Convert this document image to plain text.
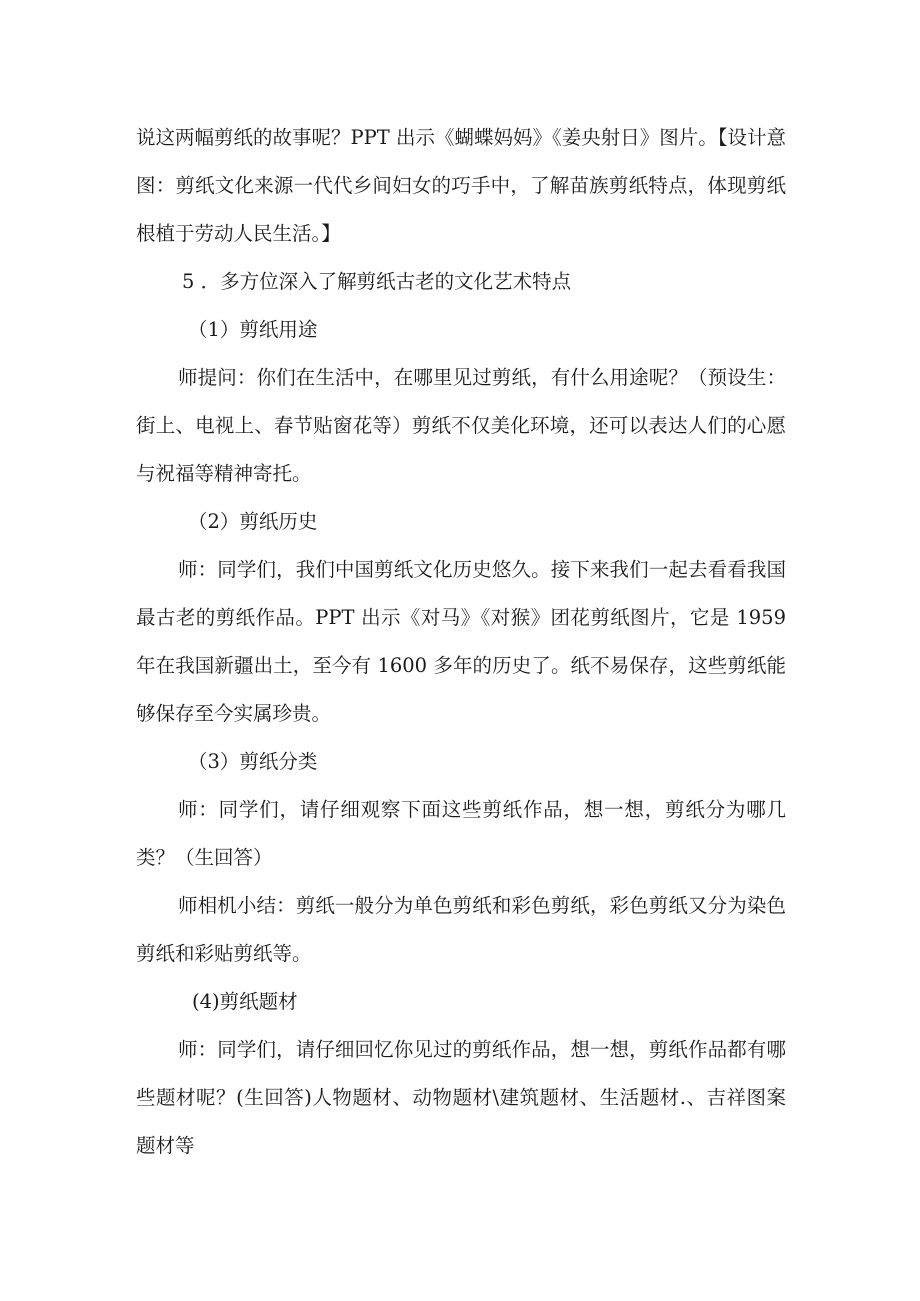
说这两幅剪纸的故事呢？PPT 出示《蝴蝶妈妈》《姜央射日》图片。【设计意图：剪纸文化来源一代代乡间妇女的巧手中，了解苗族剪纸特点，体现剪纸根植于劳动人民生活。】

5 ．多方位深入了解剪纸古老的文化艺术特点

（1）剪纸用途

师提问：你们在生活中，在哪里见过剪纸，有什么用途呢？（预设生：街上、电视上、春节贴窗花等）剪纸不仅美化环境，还可以表达人们的心愿与祝福等精神寄托。

（2）剪纸历史

师：同学们，我们中国剪纸文化历史悠久。接下来我们一起去看看我国最古老的剪纸作品。PPT 出示《对马》《对猴》团花剪纸图片，它是 1959 年在我国新疆出土，至今有 1600 多年的历史了。纸不易保存，这些剪纸能够保存至今实属珍贵。

（3）剪纸分类

师：同学们，请仔细观察下面这些剪纸作品，想一想，剪纸分为哪几类？（生回答）

师相机小结：剪纸一般分为单色剪纸和彩色剪纸，彩色剪纸又分为染色剪纸和彩贴剪纸等。

(4)剪纸题材

师：同学们，请仔细回忆你见过的剪纸作品，想一想，剪纸作品都有哪些题材呢？(生回答)人物题材、动物题材\建筑题材、生活题材.、吉祥图案题材等
